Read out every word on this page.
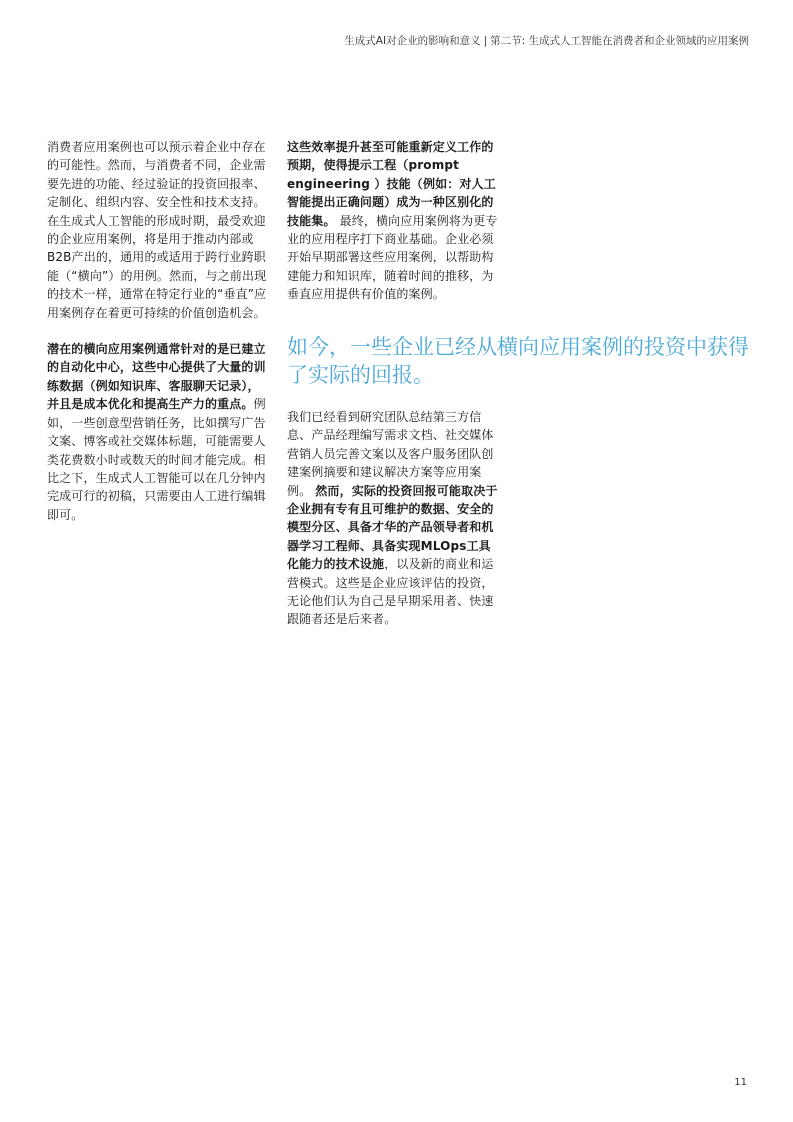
生成式AI对企业的影响和意义 | 第二节: 生成式人工智能在消费者和企业领域的应用案例

消费者应用案例也可以预示着企业中存在的可能性。然而，与消费者不同，企业需要先进的功能、经过验证的投资回报率、定制化、组织内容、安全性和技术支持。在生成式人工智能的形成时期，最受欢迎的企业应用案例，将是用于推动内部或B2B产出的，通用的或适用于跨行业跨职能（“横向”）的用例。然而，与之前出现的技术一样，通常在特定行业的“垂直”应用案例存在着更可持续的价值创造机会。

潜在的横向应用案例通常针对的是已建立的自动化中心，这些中心提供了大量的训练数据（例如知识库、客服聊天记录），并且是成本优化和提高生产力的重点。例如，一些创意型营销任务，比如撰写广告文案、博客或社交媒体标题，可能需要人类花费数小时或数天的时间才能完成。相比之下，生成式人工智能可以在几分钟内完成可行的初稿，只需要由人工进行编辑即可。

这些效率提升甚至可能重新定义工作的预期，使得提示工程（prompt engineering ）技能（例如：对人工智能提出正确问题）成为一种区别化的技能集。 最终，横向应用案例将为更专业的应用程序打下商业基础。企业必须开始早期部署这些应用案例，以帮助构建能力和知识库，随着时间的推移，为垂直应用提供有价值的案例。

如今，一些企业已经从横向应用案例的投资中获得了实际的回报。

我们已经看到研究团队总结第三方信息、产品经理编写需求文档、社交媒体营销人员完善文案以及客户服务团队创建案例摘要和建议解决方案等应用案例。 然而，实际的投资回报可能取决于企业拥有专有且可维护的数据、安全的模型分区、具备才华的产品领导者和机器学习工程师、具备实现MLOps工具化能力的技术设施，以及新的商业和运营模式。这些是企业应该评估的投资，无论他们认为自己是早期采用者、快速跟随者还是后来者。

11
